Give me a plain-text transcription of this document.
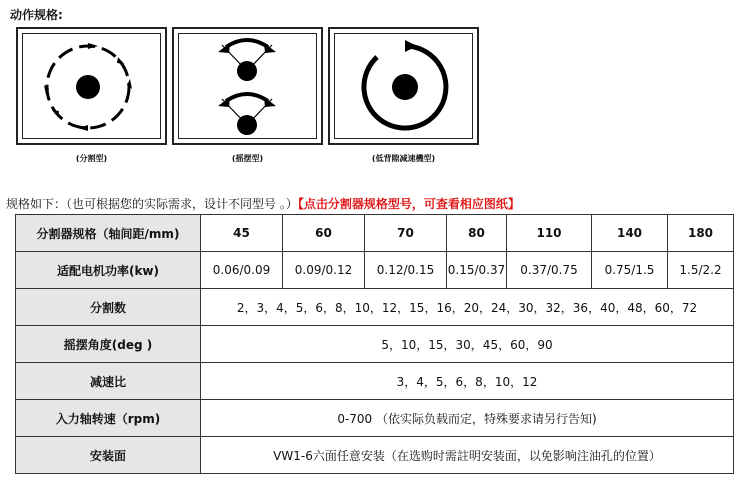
动作规格:
(分割型)	(摇摆型)	(低背隙减速機型)
规格如下：（也可根据您的实际需求，设计不同型号 。）【点击分割器规格型号，可查看相应图纸】
分割器规格（轴间距/mm)	45	60	70	80	110	140	180
适配电机功率(kw)	0.06/0.09	0.09/0.12	0.12/0.15	0.15/0.37	0.37/0.75	0.75/1.5	1.5/2.2
分割数	2，3，4，5，6，8，10，12，15，16，20，24，30，32，36，40，48，60，72						
摇摆角度(deg )	5，10，15，30，45，60，90						
减速比	3，4，5，6，8，10，12						
入力轴转速（rpm)	0-700 （依实际负载而定，特殊要求请另行告知)						
安装面	VW1-6六面任意安装（在选购时需註明安装面，以免影响注油孔的位置）						
